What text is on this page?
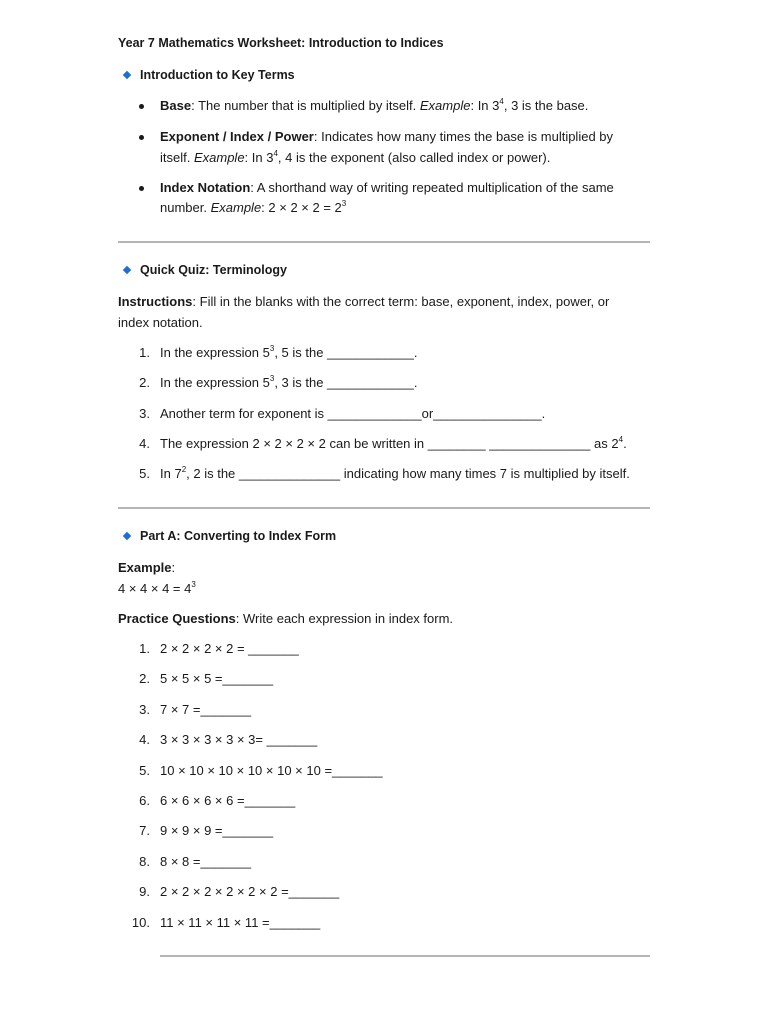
Year 7 Mathematics Worksheet: Introduction to Indices
Introduction to Key Terms
Base: The number that is multiplied by itself. Example: In $3^4$, 3 is the base.
Exponent / Index / Power: Indicates how many times the base is multiplied by
itself. Example: In $3^4$, 4 is the exponent (also called index or power).
Index Notation: A shorthand way of writing repeated multiplication of the same
number. Example: $2 \times 2 \times 2 = 2^3$
Quick Quiz: Terminology
Instructions: Fill in the blanks with the correct term: base, exponent, index, power, or
index notation.
1. In the expression $5^3$, 5 is the ____________.
2. In the expression $5^3$, 3 is the ____________.
3. Another term for exponent is _____________or_______________.
4. The expression 2 × 2 × 2 × 2 can be written in ________ ______________ as $2^4$.
5. In $7^2$, 2 is the ______________ indicating how many times 7 is multiplied by itself.
Part A: Converting to Index Form
Example:
$4 \times 4 \times 4 = 4^3$
Practice Questions: Write each expression in index form.
1. 2 × 2 × 2 × 2 = _______
2. 5 × 5 × 5 =_______
3. 7 × 7 =_______
4. 3 × 3 × 3 × 3 × 3= _______
5. 10 × 10 × 10 × 10 × 10 × 10 =_______
6. 6 × 6 × 6 × 6 =_______
7. 9 × 9 × 9 =_______
8. 8 × 8 =_______
9. 2 × 2 × 2 × 2 × 2 × 2 =_______
10. 11 × 11 × 11 × 11 =_______
